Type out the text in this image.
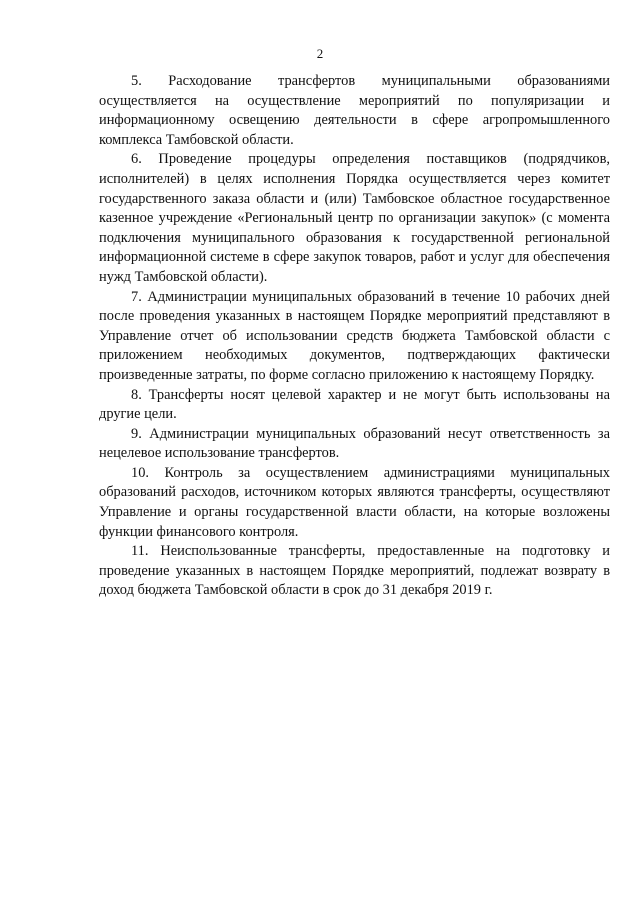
2

5. Расходование трансфертов муниципальными образованиями осуществляется на осуществление мероприятий по популяризации и информационному освещению деятельности в сфере агропромышленного комплекса Тамбовской области.

6. Проведение процедуры определения поставщиков (подрядчиков, исполнителей) в целях исполнения Порядка осуществляется через комитет государственного заказа области и (или) Тамбовское областное государственное казенное учреждение «Региональный центр по организации закупок» (с момента подключения муниципального образования к государственной региональной информационной системе в сфере закупок товаров, работ и услуг для обеспечения нужд Тамбовской области).

7. Администрации муниципальных образований в течение 10 рабочих дней после проведения указанных в настоящем Порядке мероприятий представляют в Управление отчет об использовании средств бюджета Тамбовской области с приложением необходимых документов, подтверждающих фактически произведенные затраты, по форме согласно приложению к настоящему Порядку.

8. Трансферты носят целевой характер и не могут быть использованы на другие цели.

9. Администрации муниципальных образований несут ответственность за нецелевое использование трансфертов.

10. Контроль за осуществлением администрациями муниципальных образований расходов, источником которых являются трансферты, осуществляют Управление и органы государственной власти области, на которые возложены функции финансового контроля.

11. Неиспользованные трансферты, предоставленные на подготовку и проведение указанных в настоящем Порядке мероприятий, подлежат возврату в доход бюджета Тамбовской области в срок до 31 декабря 2019 г.
